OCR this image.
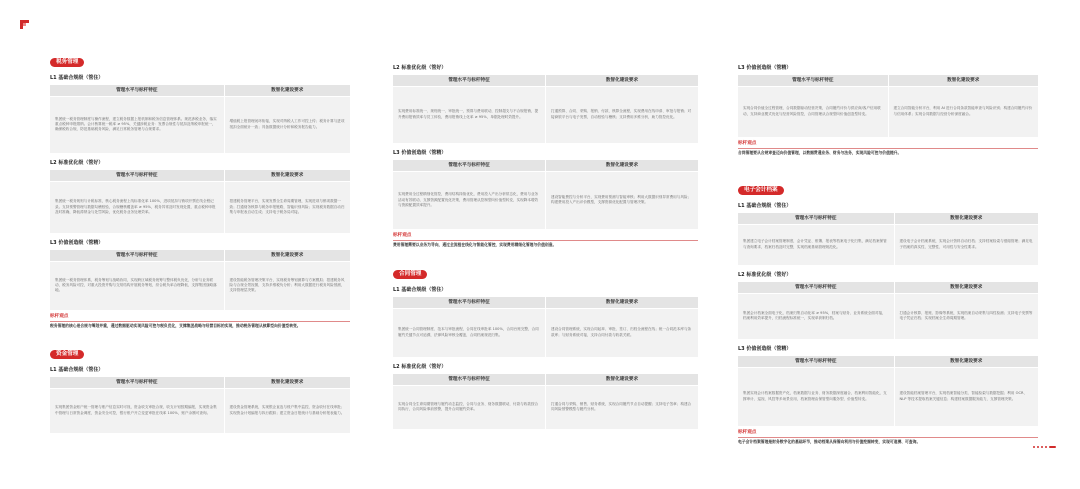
税务管理
L1 基础合规级（管住）
管理水平与标杆特征	数智化建设要求
集团统一税务管理制度与操作流程，建立税务数据上报机制和税务信息管理体系。规范涉税业务，落实重点税种申报缴纳。会计核算统一税率 ≥ 95%，关键涉税业务：发票合规性与抵扣及纳税申报统一，确保税收合规，防范基础税务风险，满足日常税务管理与合规要求。	增值税上报管理闭环衔接，实现对纳税人工作可控上传；税务计算与进项抵扣全面统计一致；具备数据统计分析和税务报告能力。
L2 标准优化级（管好）
管理水平与标杆特征	数智化建设要求
集团统一税务规则与计税标准，核心税务流程上线标准化率 100%，进项抵扣与销项开票在线全程记录。支持预警管理与数据勾稽校验，合规稽核覆盖率 ≥ 95%，税务异常及时发现处置，重点税种申报及时准确，降低滞纳金与处罚风险，优化税务业务处理效率。	搭建税务管理平台，实现发票全生命周期管理，实现进项与销项数据一致；打通财务核算与税务申报链路，智能识别风险；实现税务数据自动归集与申报表自动生成；支持电子税务局对接。
L3 价值创造级（管精）
管理水平与标杆特征	数智化建设要求
集团统一税务管理体系，税务筹划与战略协同，实现跨区域税务统筹与整体税负优化，分析与业务联动，税务风险可控，对重大投资并购与交易结构开展税务筹划，综合税负率合理降低，支撑集团战略落地。	建设智能税务管理决策平台，实现税务筹划测算与方案模拟；搭建税务风险与合规全景视图，支持多维税负分析；利用大数据进行税务风险预测，支持管理层决策。
标杆观点
税务管理的核心是合规与筹划并重，通过数据驱动实现风险可控与税负优化，支撑集团战略与经营目标的实现，推动税务管理从核算型向价值型转变。
资金管理
L1 基础合规级（管住）
管理水平与标杆特征	数智化建设要求
实现集团资金账户统一管理与账户信息实时可视，资金收支审批合规，收支计划按期编报，实现资金集中管理与日常资金调度，资金安全可控，银行账户开立变更审批在线率 100%，账户余额可查询。	建设资金管理系统，实现银企直连与账户集中监控，资金收付在线审批；实现资金计划编报与执行跟踪；建立资金日报统计与基础分析报表能力。
L2 标准优化级（管好）
管理水平与标杆特征	数智化建设要求
实现费用标准统一、规则统一、审批统一，预算与费用联动，控制超支与不合规报销，提升费用报销效率与员工体验，费用报销线上化率 ≥ 95%，单据处理时效提升。	打通预算、合同、采购、报销、付款、核算全流程，实现费用在线申请、审批与报销；对接商旅平台与电子发票，自动校验与稽核；支持费用多维分析，助力管控优化。
L3 价值创造级（管精）
管理水平与标杆特征	数智化建设要求
实现费用全过程精细化管控，费用结构持续优化，费用投入产出分析常态化，费用与业务活动有效联动，支撑资源配置优化决策，费用管理从控制型向价值型转变，实现降本增效与资源配置效率提升。	建设智能费控与分析平台，实现费用预测与智能审核；利用大数据识别异常费用与风险；构建费用投入产出评价模型，支撑资源优化配置与管理决策。
标杆观点
费用管理需要以业务为导向，通过全流程在线化与智能化管控，实现费用精细化管理与价值创造。
合同管理
L1 基础合规级（管住）
管理水平与标杆特征	数智化建设要求
集团统一合同管理制度、范本与审批流程，合同在线审批率 100%，合同台账完整，合同履约关键节点可追溯，法律风险审核全覆盖，合同档案规范归集。	建设合同管理系统，实现合同起草、审批、签订、归档全流程在线；统一合同范本库与条款库；与财务系统对接，支持合同付款与收款关联。
L2 标准优化级（管好）
管理水平与标杆特征	数智化建设要求
实现合同全生命周期管理与履约动态监控，合同与业务、财务数据联动，付款与收款按合同执行，合同风险事前预警，提升合同履约效率。	打通合同与采购、销售、财务系统，实现合同履约节点自动提醒；支持电子签章；构建合同风险预警模型与履约分析。
L3 价值创造级（管精）
管理水平与标杆特征	数智化建设要求
实现合同价值全过程管理，合同数据驱动经营决策，合同履约评价与供应商/客户信用联动，支持商业模式优化与经营风险管控，合同管理从合规型向价值创造型转变。	建立合同智能分析平台，利用 AI 进行合同条款智能审查与风险识别；构建合同履约评价与信用体系；实现合同数据与经营分析深度融合。
标杆观点
合同管理要从合规审查迈向价值管理，以数据贯通业务、财务与法务，实现风险可控与价值提升。
电子会计档案
L1 基础合规级（管住）
管理水平与标杆特征	数智化建设要求
集团建立电子会计档案管理制度，会计凭证、账簿、报表等档案电子化归集，满足档案保管与查询要求，档案归档及时完整，实现档案基础管理规范化。	建设电子会计档案系统，实现会计资料自动归档；支持档案检索与借阅管理；满足电子档案的真实性、完整性、可用性与安全性要求。
L2 标准优化级（管好）
管理水平与标杆特征	数智化建设要求
集团会计档案全面电子化，档案归集自动化率 ≥ 95%，档案与财务、业务系统全面对接，档案利用效率提升，归档流程标准统一，实现单套制归档。	打通会计核算、报账、影像等系统，实现档案自动采集与四性检测；支持电子发票等电子凭证归档；实现档案全生命周期管理。
L3 价值创造级（管精）
管理水平与标杆特征	数智化建设要求
集团实现会计档案数据资产化，档案数据与业务、财务数据深度融合，档案利用智能化，支撑审计、巡视、风控等多场景应用，档案管理由保管型向服务型、价值型转变。	建设智能档案管理平台，实现档案智能分类、智能检索与数据挖掘；利用 OCR、NLP 等技术提取档案关键信息；构建档案数据服务能力，支撑管理决策。
标杆观点
电子会计档案管理是财务数字化的基础环节，推动档案从保管向利用与价值挖掘转变，实现可追溯、可查询。
